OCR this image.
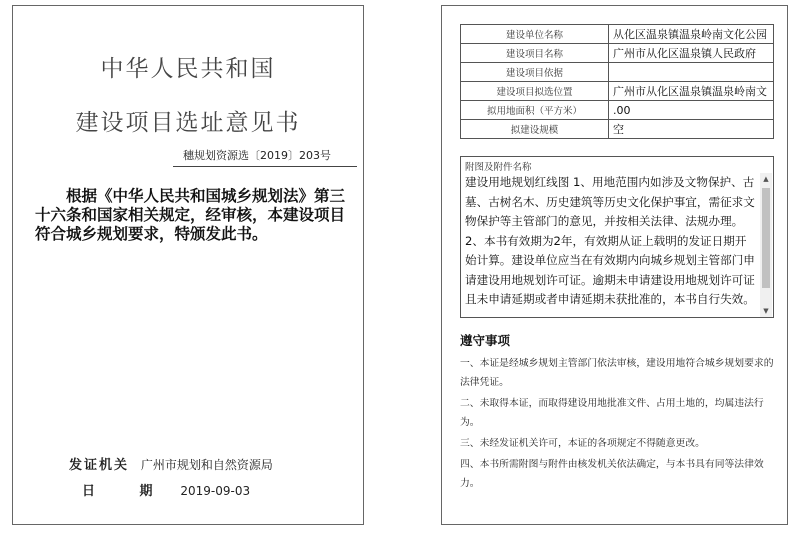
中华人民共和国
建设项目选址意见书
穗规划资源选〔2019〕203号
根据《中华人民共和国城乡规划法》第三十六条和国家相关规定，经审核，本建设项目符合城乡规划要求，特颁发此书。
发证机关 广州市规划和自然资源局
日 期 2019-09-03
建设单位名称	从化区温泉镇温泉岭南文化公园
建设项目名称	广州市从化区温泉镇人民政府
建设项目依据	
建设项目拟选位置	广州市从化区温泉镇温泉岭南文
拟用地面积（平方米）	.00
拟建设规模	空
附图及附件名称

建设用地规划红线图 1、用地范围内如涉及文物保护、古墓、古树名木、历史建筑等历史文化保护事宜，需征求文物保护等主管部门的意见，并按相关法律、法规办理。

2、本书有效期为2年，有效期从证上载明的发证日期开始计算。建设单位应当在有效期内向城乡规划主管部门申请建设用地规划许可证。逾期未申请建设用地规划许可证且未申请延期或者申请延期未获批准的，本书自行失效。

▲
▼
遵守事项

一、本证是经城乡规划主管部门依法审核，建设用地符合城乡规划要求的法律凭证。

二、未取得本证，而取得建设用地批准文件、占用土地的，均属违法行为。

三、未经发证机关许可，本证的各项规定不得随意更改。

四、本书所需附图与附件由核发机关依法确定，与本书具有同等法律效力。
